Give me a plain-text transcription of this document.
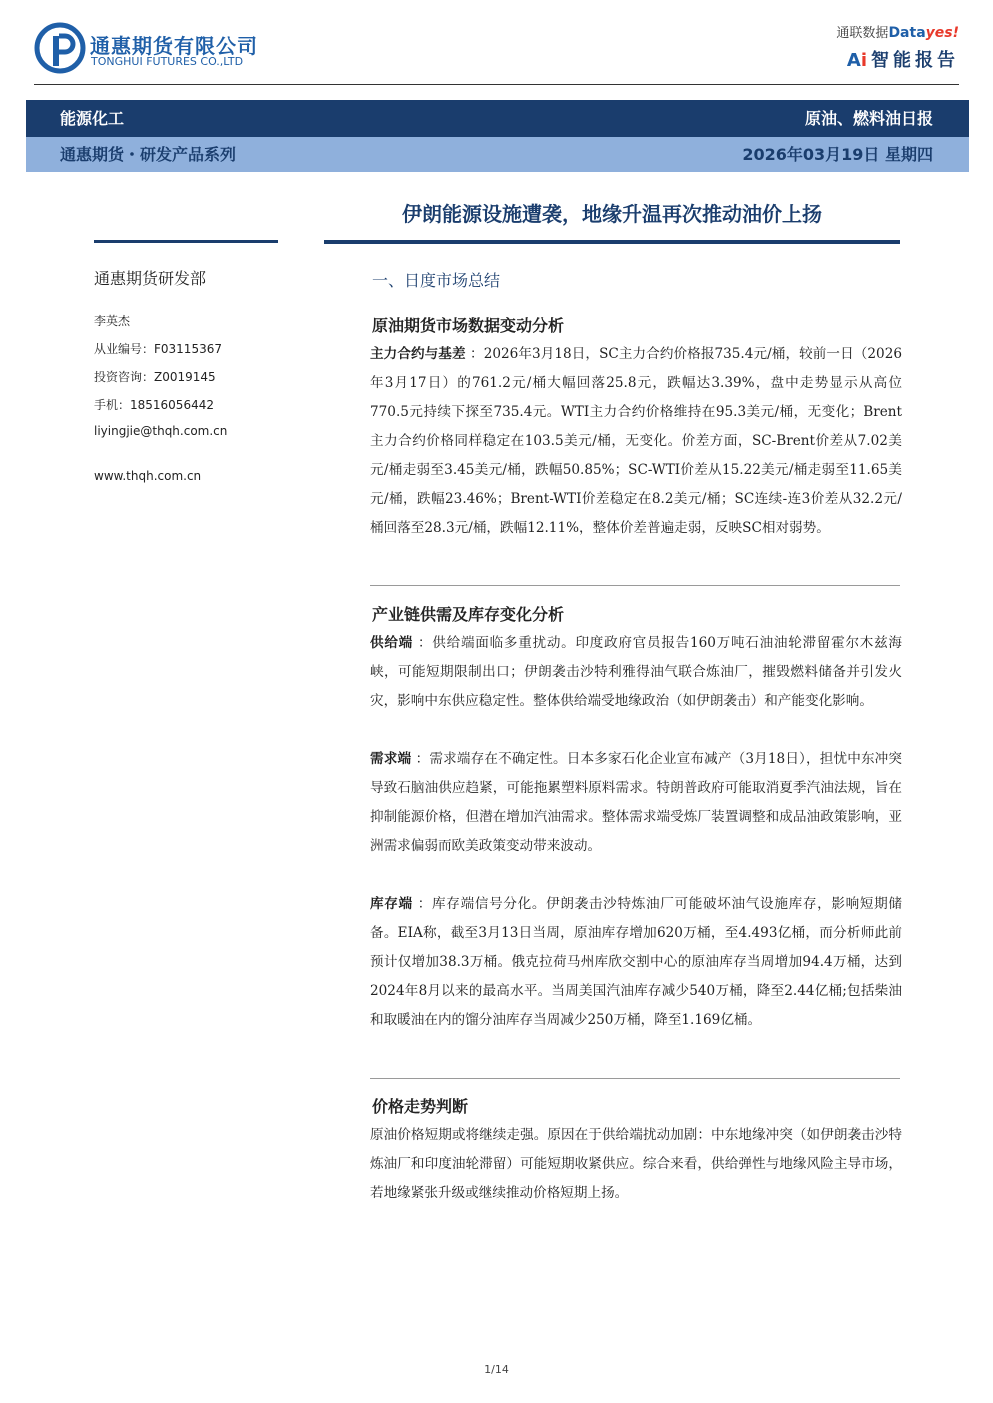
通惠期货有限公司
TONGHUI FUTURES CO.,LTD
通联数据Datayes!
Ai智能报告
能源化工	原油、燃料油日报
通惠期货・研发产品系列	2026年03月19日 星期四
伊朗能源设施遭袭，地缘升温再次推动油价上扬
通惠期货研发部
李英杰
从业编号：F03115367
投资咨询：Z0019145
手机：18516056442
liyingjie@thqh.com.cn
www.thqh.com.cn
一、日度市场总结
原油期货市场数据变动分析
主力合约与基差 ：2026年3月18日，SC主力合约价格报735.4元/桶，较前一日（2026年3月17日）的761.2元/桶大幅回落25.8元，跌幅达3.39%，盘中走势显示从高位770.5元持续下探至735.4元。WTI主力合约价格维持在95.3美元/桶，无变化；Brent主力合约价格同样稳定在103.5美元/桶，无变化。价差方面，SC-Brent价差从7.02美元/桶走弱至3.45美元/桶，跌幅50.85%；SC-WTI价差从15.22美元/桶走弱至11.65美元/桶，跌幅23.46%；Brent-WTI价差稳定在8.2美元/桶；SC连续-连3价差从32.2元/桶回落至28.3元/桶，跌幅12.11%，整体价差普遍走弱，反映SC相对弱势。
产业链供需及库存变化分析
供给端 ：供给端面临多重扰动。印度政府官员报告160万吨石油油轮滞留霍尔木兹海峡，可能短期限制出口；伊朗袭击沙特利雅得油气联合炼油厂，摧毁燃料储备并引发火灾，影响中东供应稳定性。整体供给端受地缘政治（如伊朗袭击）和产能变化影响。
需求端 ：需求端存在不确定性。日本多家石化企业宣布减产（3月18日），担忧中东冲突导致石脑油供应趋紧，可能拖累塑料原料需求。特朗普政府可能取消夏季汽油法规，旨在抑制能源价格，但潜在增加汽油需求。整体需求端受炼厂装置调整和成品油政策影响，亚洲需求偏弱而欧美政策变动带来波动。
库存端 ：库存端信号分化。伊朗袭击沙特炼油厂可能破坏油气设施库存，影响短期储备。EIA称，截至3月13日当周，原油库存增加620万桶，至4.493亿桶，而分析师此前预计仅增加38.3万桶。俄克拉荷马州库欣交割中心的原油库存当周增加94.4万桶，达到2024年8月以来的最高水平。当周美国汽油库存减少540万桶，降至2.44亿桶;包括柴油和取暖油在内的馏分油库存当周减少250万桶，降至1.169亿桶。
价格走势判断
原油价格短期或将继续走强。原因在于供给端扰动加剧：中东地缘冲突（如伊朗袭击沙特炼油厂和印度油轮滞留）可能短期收紧供应。综合来看，供给弹性与地缘风险主导市场，若地缘紧张升级或继续推动价格短期上扬。
1/14
